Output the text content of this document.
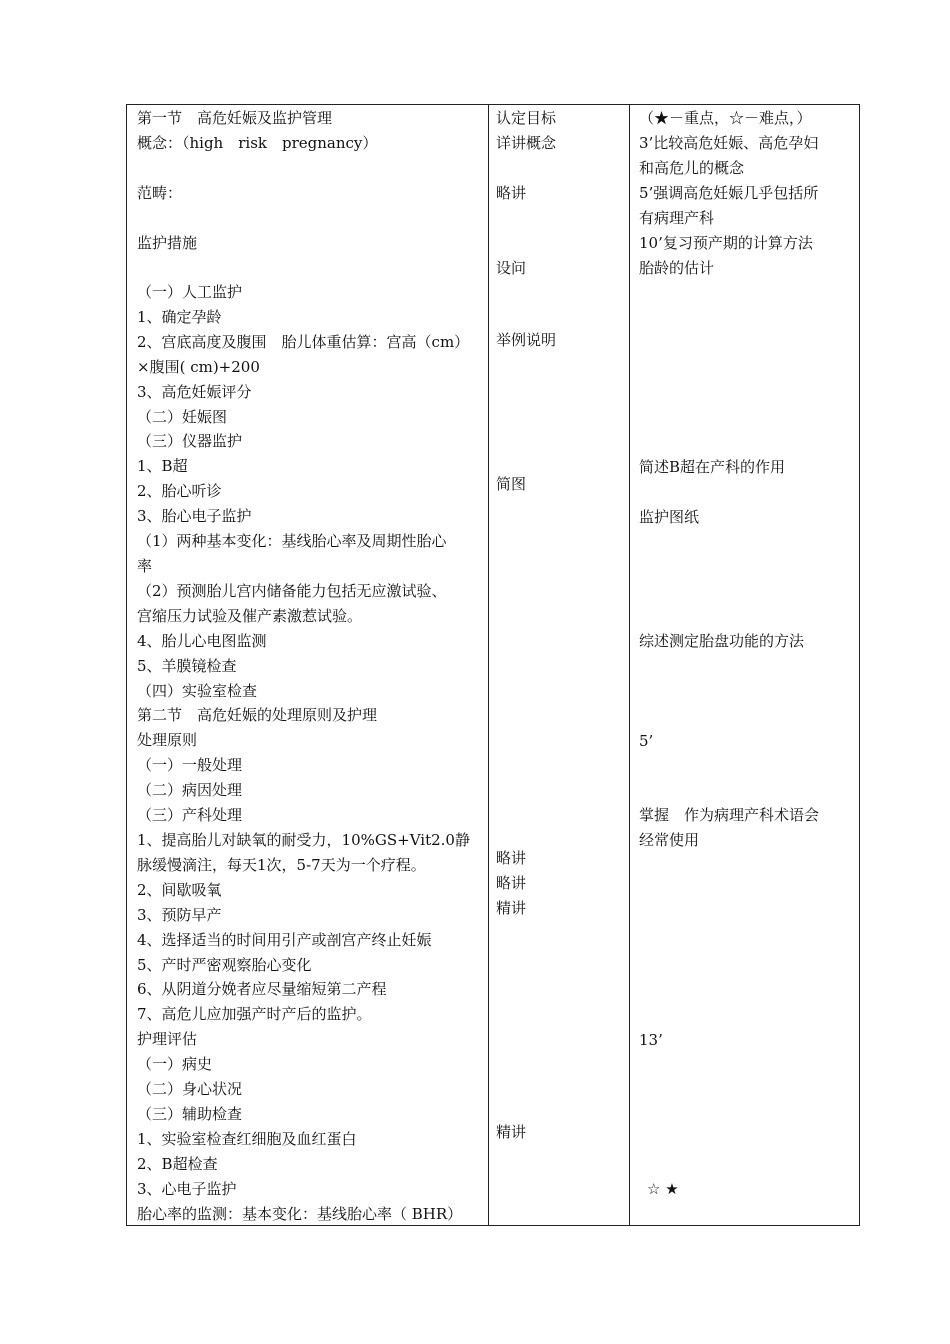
第一节　高危妊娠及监护管理
概念：（high　risk　pregnancy）
范畴：
监护措施
（一）人工监护
1、确定孕龄
2、宫底高度及腹围　胎儿体重估算：宫高（cm）
×腹围( cm)+200
3、高危妊娠评分
（二）妊娠图
（三）仪器监护
1、B超
2、胎心听诊
3、胎心电子监护
（1）两种基本变化：基线胎心率及周期性胎心
率
（2）预测胎儿宫内储备能力包括无应激试验、
宫缩压力试验及催产素激惹试验。
4、胎儿心电图监测
5、羊膜镜检查
（四）实验室检查
第二节　高危妊娠的处理原则及护理
处理原则
（一）一般处理
（二）病因处理
（三）产科处理
1、提高胎儿对缺氧的耐受力，10%GS+Vit2.0静
脉缓慢滴注，每天1次，5-7天为一个疗程。
2、间歇吸氧
3、预防早产
4、选择适当的时间用引产或剖宫产终止妊娠
5、产时严密观察胎心变化
6、从阴道分娩者应尽量缩短第二产程
7、高危儿应加强产时产后的监护。
护理评估
（一）病史
（二）身心状况
（三）辅助检查
1、实验室检查红细胞及血红蛋白
2、B超检查
3、心电子监护
胎心率的监测：基本变化：基线胎心率（ BHR）
认定目标
详讲概念
略讲
设问
举例说明
简图
略讲
略讲
精讲
精讲
（★－重点，☆－难点，）
3’比较高危妊娠、高危孕妇
和高危儿的概念
5’强调高危妊娠几乎包括所
有病理产科
10’复习预产期的计算方法
胎龄的估计
简述B超在产科的作用
监护图纸
综述测定胎盘功能的方法
5’
掌握　作为病理产科术语会
经常使用
13’
☆ ★
